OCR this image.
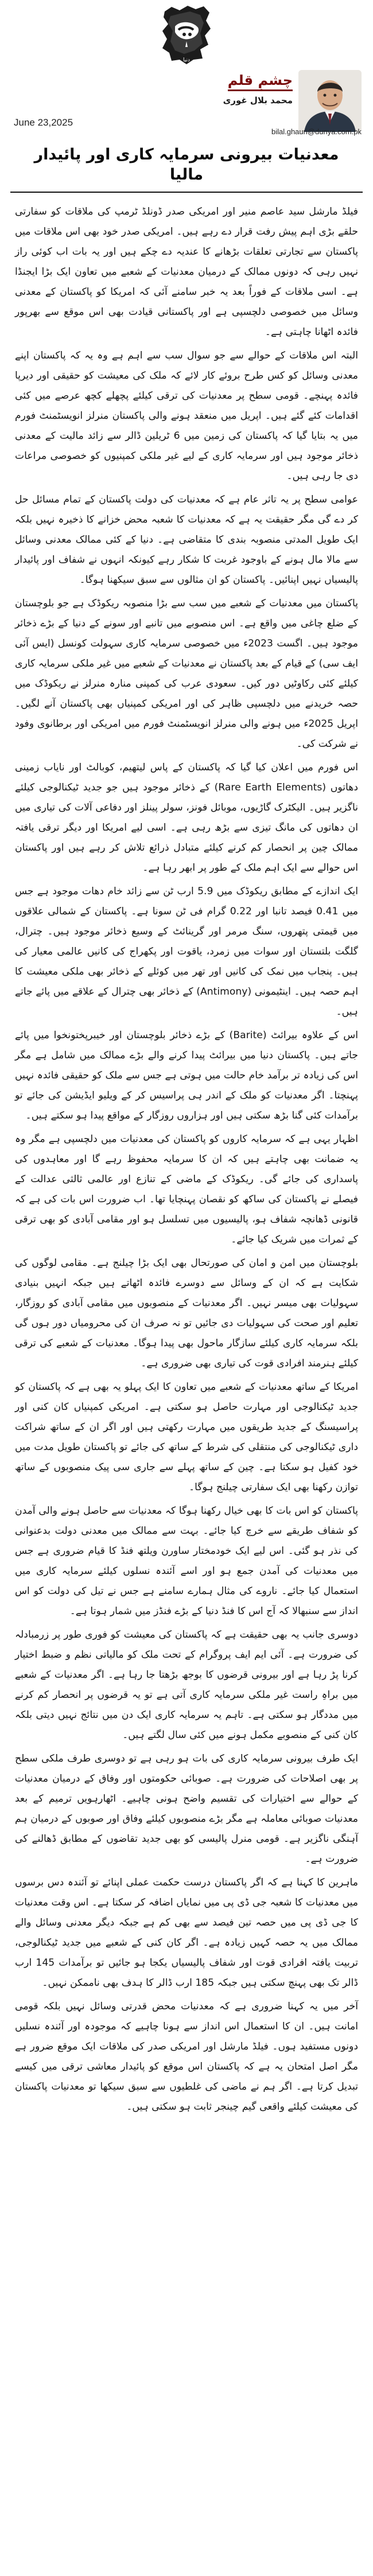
دنیا
چشمِ قلم
محمد بلال غوری
June 23,2025
bilal.ghauri@dunya.com.pk
معدنیات بیرونی سرمایہ کاری اور پائیدار مالیا

فیلڈ مارشل سید عاصم منیر اور امریکی صدر ڈونلڈ ٹرمپ کی ملاقات کو سفارتی حلقے بڑی اہم پیش رفت قرار دے رہے ہیں۔ امریکی صدر خود بھی اس ملاقات میں پاکستان سے تجارتی تعلقات بڑھانے کا عندیہ دے چکے ہیں اور یہ بات اب کوئی راز نہیں رہی کہ دونوں ممالک کے درمیان معدنیات کے شعبے میں تعاون ایک بڑا ایجنڈا ہے۔ اسی ملاقات کے فوراً بعد یہ خبر سامنے آئی کہ امریکا کو پاکستان کے معدنی وسائل میں خصوصی دلچسپی ہے اور پاکستانی قیادت بھی اس موقع سے بھرپور فائدہ اٹھانا چاہتی ہے۔

البتہ اس ملاقات کے حوالے سے جو سوال سب سے اہم ہے وہ یہ کہ پاکستان اپنے معدنی وسائل کو کس طرح بروئے کار لائے کہ ملک کی معیشت کو حقیقی اور دیرپا فائدہ پہنچے۔ قومی سطح پر معدنیات کی ترقی کیلئے پچھلے کچھ عرصے میں کئی اقدامات کئے گئے ہیں۔ اپریل میں منعقد ہونے والی پاکستان منرلز انویسٹمنٹ فورم میں یہ بتایا گیا کہ پاکستان کی زمین میں 6 ٹریلین ڈالر سے زائد مالیت کے معدنی ذخائر موجود ہیں اور سرمایہ کاری کے لیے غیر ملکی کمپنیوں کو خصوصی مراعات دی جا رہی ہیں۔

عوامی سطح پر یہ تاثر عام ہے کہ معدنیات کی دولت پاکستان کے تمام مسائل حل کر دے گی مگر حقیقت یہ ہے کہ معدنیات کا شعبہ محض خزانے کا ذخیرہ نہیں بلکہ ایک طویل المدتی منصوبہ بندی کا متقاضی ہے۔ دنیا کے کئی ممالک معدنی وسائل سے مالا مال ہونے کے باوجود غربت کا شکار رہے کیونکہ انہوں نے شفاف اور پائیدار پالیسیاں نہیں اپنائیں۔ پاکستان کو ان مثالوں سے سبق سیکھنا ہوگا۔

پاکستان میں معدنیات کے شعبے میں سب سے بڑا منصوبہ ریکوڈک ہے جو بلوچستان کے ضلع چاغی میں واقع ہے۔ اس منصوبے میں تانبے اور سونے کے دنیا کے بڑے ذخائر موجود ہیں۔ اگست 2023ء میں خصوصی سرمایہ کاری سہولت کونسل (ایس آئی ایف سی) کے قیام کے بعد پاکستان نے معدنیات کے شعبے میں غیر ملکی سرمایہ کاری کیلئے کئی رکاوٹیں دور کیں۔ سعودی عرب کی کمپنی منارہ منرلز نے ریکوڈک میں حصہ خریدنے میں دلچسپی ظاہر کی اور امریکی کمپنیاں بھی پاکستان آنے لگیں۔ اپریل 2025ء میں ہونے والی منرلز انویسٹمنٹ فورم میں امریکی اور برطانوی وفود نے شرکت کی۔

اس فورم میں اعلان کیا گیا کہ پاکستان کے پاس لیتھیم، کوبالٹ اور نایاب زمینی دھاتوں (Rare Earth Elements) کے ذخائر موجود ہیں جو جدید ٹیکنالوجی کیلئے ناگزیر ہیں۔ الیکٹرک گاڑیوں، موبائل فونز، سولر پینلز اور دفاعی آلات کی تیاری میں ان دھاتوں کی مانگ تیزی سے بڑھ رہی ہے۔ اسی لیے امریکا اور دیگر ترقی یافتہ ممالک چین پر انحصار کم کرنے کیلئے متبادل ذرائع تلاش کر رہے ہیں اور پاکستان اس حوالے سے ایک اہم ملک کے طور پر ابھر رہا ہے۔

ایک اندازے کے مطابق ریکوڈک میں 5.9 ارب ٹن سے زائد خام دھات موجود ہے جس میں 0.41 فیصد تانبا اور 0.22 گرام فی ٹن سونا ہے۔ پاکستان کے شمالی علاقوں میں قیمتی پتھروں، سنگ مرمر اور گرینائٹ کے وسیع ذخائر موجود ہیں۔ چترال، گلگت بلتستان اور سوات میں زمرد، یاقوت اور پکھراج کی کانیں عالمی معیار کی ہیں۔ پنجاب میں نمک کی کانیں اور تھر میں کوئلے کے ذخائر بھی ملکی معیشت کا اہم حصہ ہیں۔ اینٹیمونی (Antimony) کے ذخائر بھی چترال کے علاقے میں پائے جاتے ہیں۔

اس کے علاوہ بیرائٹ (Barite) کے بڑے ذخائر بلوچستان اور خیبرپختونخوا میں پائے جاتے ہیں۔ پاکستان دنیا میں بیرائٹ پیدا کرنے والے بڑے ممالک میں شامل ہے مگر اس کی زیادہ تر برآمد خام حالت میں ہوتی ہے جس سے ملک کو حقیقی فائدہ نہیں پہنچتا۔ اگر معدنیات کو ملک کے اندر ہی پراسیس کر کے ویلیو ایڈیشن کی جائے تو برآمدات کئی گنا بڑھ سکتی ہیں اور ہزاروں روزگار کے مواقع پیدا ہو سکتے ہیں۔

اظہار یہی ہے کہ سرمایہ کاروں کو پاکستان کی معدنیات میں دلچسپی ہے مگر وہ یہ ضمانت بھی چاہتے ہیں کہ ان کا سرمایہ محفوظ رہے گا اور معاہدوں کی پاسداری کی جائے گی۔ ریکوڈک کے ماضی کے تنازع اور عالمی ثالثی عدالت کے فیصلے نے پاکستان کی ساکھ کو نقصان پہنچایا تھا۔ اب ضرورت اس بات کی ہے کہ قانونی ڈھانچہ شفاف ہو، پالیسیوں میں تسلسل ہو اور مقامی آبادی کو بھی ترقی کے ثمرات میں شریک کیا جائے۔

بلوچستان میں امن و امان کی صورتحال بھی ایک بڑا چیلنج ہے۔ مقامی لوگوں کی شکایت ہے کہ ان کے وسائل سے دوسرے فائدہ اٹھاتے ہیں جبکہ انہیں بنیادی سہولیات بھی میسر نہیں۔ اگر معدنیات کے منصوبوں میں مقامی آبادی کو روزگار، تعلیم اور صحت کی سہولیات دی جائیں تو نہ صرف ان کی محرومیاں دور ہوں گی بلکہ سرمایہ کاری کیلئے سازگار ماحول بھی پیدا ہوگا۔ معدنیات کے شعبے کی ترقی کیلئے ہنرمند افرادی قوت کی تیاری بھی ضروری ہے۔

امریکا کے ساتھ معدنیات کے شعبے میں تعاون کا ایک پہلو یہ بھی ہے کہ پاکستان کو جدید ٹیکنالوجی اور مہارت حاصل ہو سکتی ہے۔ امریکی کمپنیاں کان کنی اور پراسیسنگ کے جدید طریقوں میں مہارت رکھتی ہیں اور اگر ان کے ساتھ شراکت داری ٹیکنالوجی کی منتقلی کی شرط کے ساتھ کی جائے تو پاکستان طویل مدت میں خود کفیل ہو سکتا ہے۔ چین کے ساتھ پہلے سے جاری سی پیک منصوبوں کے ساتھ توازن رکھنا بھی ایک سفارتی چیلنج ہوگا۔

پاکستان کو اس بات کا بھی خیال رکھنا ہوگا کہ معدنیات سے حاصل ہونے والی آمدن کو شفاف طریقے سے خرچ کیا جائے۔ بہت سے ممالک میں معدنی دولت بدعنوانی کی نذر ہو گئی۔ اس لیے ایک خودمختار ساورن ویلتھ فنڈ کا قیام ضروری ہے جس میں معدنیات کی آمدن جمع ہو اور اسے آئندہ نسلوں کیلئے سرمایہ کاری میں استعمال کیا جائے۔ ناروے کی مثال ہمارے سامنے ہے جس نے تیل کی دولت کو اس انداز سے سنبھالا کہ آج اس کا فنڈ دنیا کے بڑے فنڈز میں شمار ہوتا ہے۔

دوسری جانب یہ بھی حقیقت ہے کہ پاکستان کی معیشت کو فوری طور پر زرمبادلہ کی ضرورت ہے۔ آئی ایم ایف پروگرام کے تحت ملک کو مالیاتی نظم و ضبط اختیار کرنا پڑ رہا ہے اور بیرونی قرضوں کا بوجھ بڑھتا جا رہا ہے۔ اگر معدنیات کے شعبے میں براہِ راست غیر ملکی سرمایہ کاری آتی ہے تو یہ قرضوں پر انحصار کم کرنے میں مددگار ہو سکتی ہے۔ تاہم یہ سرمایہ کاری ایک دن میں نتائج نہیں دیتی بلکہ کان کنی کے منصوبے مکمل ہونے میں کئی سال لگتے ہیں۔

ایک طرف بیرونی سرمایہ کاری کی بات ہو رہی ہے تو دوسری طرف ملکی سطح پر بھی اصلاحات کی ضرورت ہے۔ صوبائی حکومتوں اور وفاق کے درمیان معدنیات کے حوالے سے اختیارات کی تقسیم واضح ہونی چاہیے۔ اٹھارہویں ترمیم کے بعد معدنیات صوبائی معاملہ ہے مگر بڑے منصوبوں کیلئے وفاق اور صوبوں کے درمیان ہم آہنگی ناگزیر ہے۔ قومی منرل پالیسی کو بھی جدید تقاضوں کے مطابق ڈھالنے کی ضرورت ہے۔

ماہرین کا کہنا ہے کہ اگر پاکستان درست حکمت عملی اپنائے تو آئندہ دس برسوں میں معدنیات کا شعبہ جی ڈی پی میں نمایاں اضافہ کر سکتا ہے۔ اس وقت معدنیات کا جی ڈی پی میں حصہ تین فیصد سے بھی کم ہے جبکہ دیگر معدنی وسائل والے ممالک میں یہ حصہ کہیں زیادہ ہے۔ اگر کان کنی کے شعبے میں جدید ٹیکنالوجی، تربیت یافتہ افرادی قوت اور شفاف پالیسیاں یکجا ہو جائیں تو برآمدات 145 ارب ڈالر تک بھی پہنچ سکتی ہیں جبکہ 185 ارب ڈالر کا ہدف بھی ناممکن نہیں۔

آخر میں یہ کہنا ضروری ہے کہ معدنیات محض قدرتی وسائل نہیں بلکہ قومی امانت ہیں۔ ان کا استعمال اس انداز سے ہونا چاہیے کہ موجودہ اور آئندہ نسلیں دونوں مستفید ہوں۔ فیلڈ مارشل اور امریکی صدر کی ملاقات ایک موقع ضرور ہے مگر اصل امتحان یہ ہے کہ پاکستان اس موقع کو پائیدار معاشی ترقی میں کیسے تبدیل کرتا ہے۔ اگر ہم نے ماضی کی غلطیوں سے سبق سیکھا تو معدنیات پاکستان کی معیشت کیلئے واقعی گیم چینجر ثابت ہو سکتی ہیں۔
